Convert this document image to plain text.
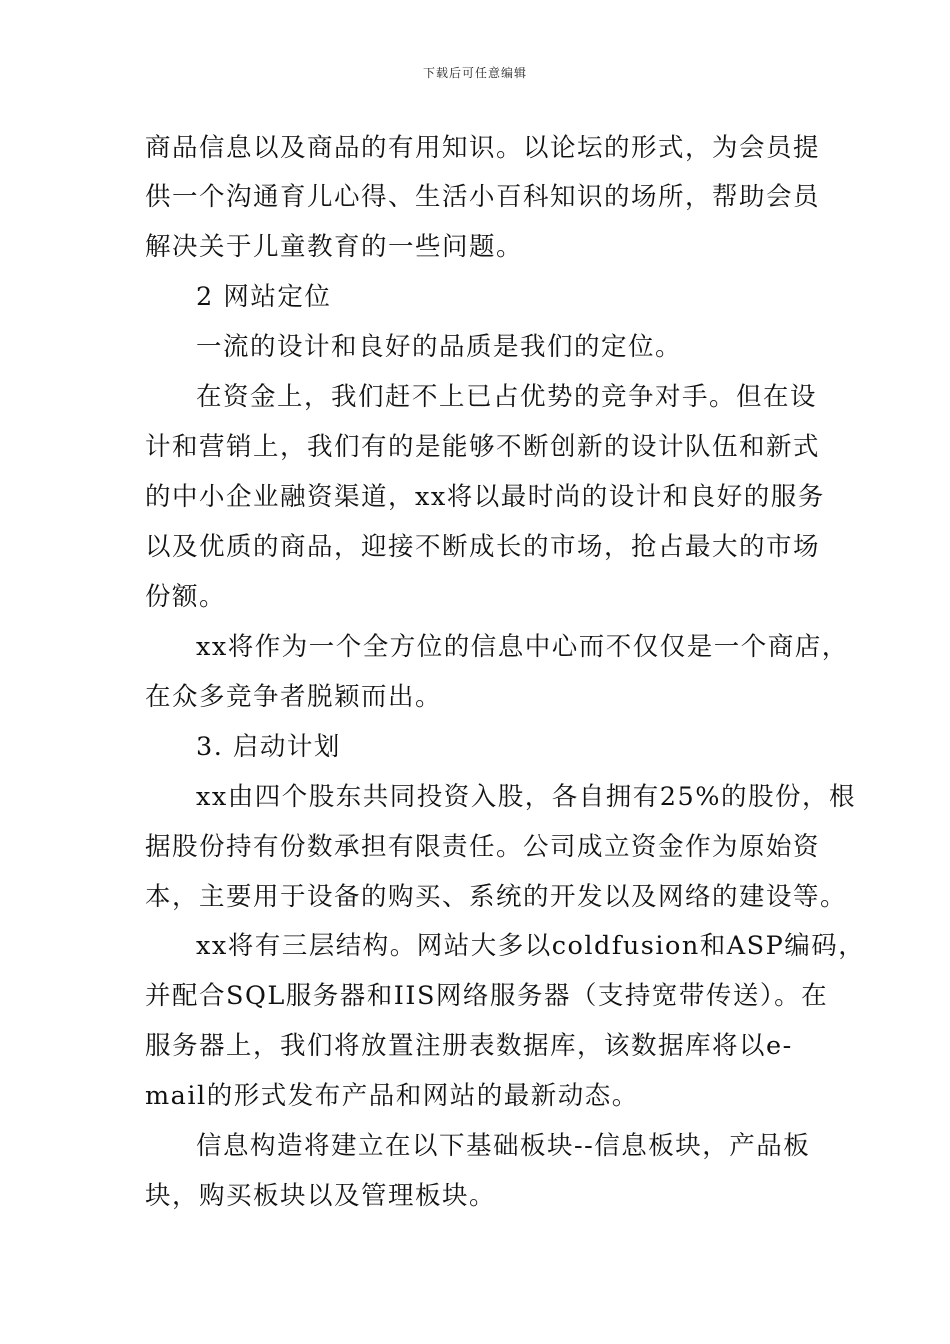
下载后可任意编辑
商品信息以及商品的有用知识。以论坛的形式，为会员提
供一个沟通育儿心得、生活小百科知识的场所，帮助会员
解决关于儿童教育的一些问题。
2 网站定位
一流的设计和良好的品质是我们的定位。
在资金上，我们赶不上已占优势的竞争对手。但在设
计和营销上，我们有的是能够不断创新的设计队伍和新式
的中小企业融资渠道，xx将以最时尚的设计和良好的服务
以及优质的商品，迎接不断成长的市场，抢占最大的市场
份额。
xx将作为一个全方位的信息中心而不仅仅是一个商店，
在众多竞争者脱颖而出。
3. 启动计划
xx由四个股东共同投资入股，各自拥有25%的股份，根
据股份持有份数承担有限责任。公司成立资金作为原始资
本，主要用于设备的购买、系统的开发以及网络的建设等。
xx将有三层结构。网站大多以coldfusion和ASP编码，
并配合SQL服务器和IIS网络服务器（支持宽带传送）。在
服务器上，我们将放置注册表数据库，该数据库将以e-
mail的形式发布产品和网站的最新动态。
信息构造将建立在以下基础板块--信息板块，产品板
块，购买板块以及管理板块。
